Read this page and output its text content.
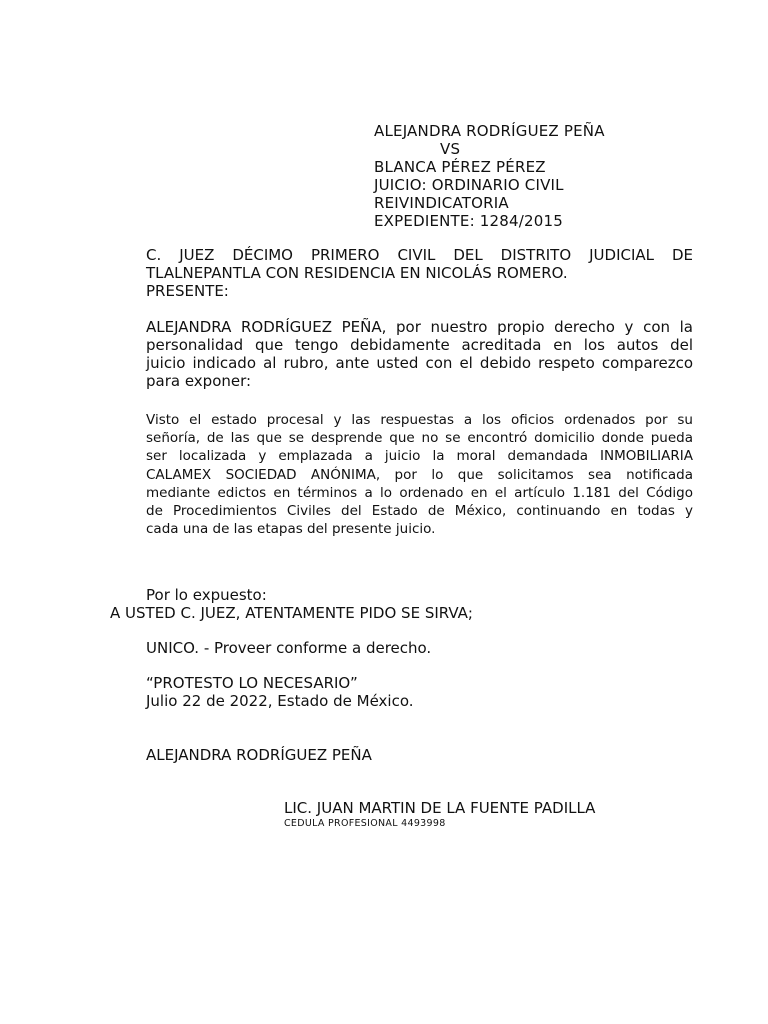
ALEJANDRA RODRÍGUEZ PEÑA
VS
BLANCA PÉREZ PÉREZ
JUICIO: ORDINARIO CIVIL
REIVINDICATORIA
EXPEDIENTE: 1284/2015
C. JUEZ DÉCIMO PRIMERO CIVIL DEL DISTRITO JUDICIAL DE
TLALNEPANTLA CON RESIDENCIA EN NICOLÁS ROMERO.
PRESENTE:
ALEJANDRA RODRÍGUEZ PEÑA, por nuestro propio derecho y con la
personalidad que tengo debidamente acreditada en los autos del
juicio indicado al rubro, ante usted con el debido respeto comparezco
para exponer:
Visto el estado procesal y las respuestas a los oficios ordenados por su
señoría, de las que se desprende que no se encontró domicilio donde pueda
ser localizada y emplazada a juicio la moral demandada INMOBILIARIA
CALAMEX SOCIEDAD ANÓNIMA, por lo que solicitamos sea notificada
mediante edictos en términos a lo ordenado en el artículo 1.181 del Código
de Procedimientos Civiles del Estado de México, continuando en todas y
cada una de las etapas del presente juicio.
Por lo expuesto:
A USTED C. JUEZ, ATENTAMENTE PIDO SE SIRVA;
UNICO. - Proveer conforme a derecho.
“PROTESTO LO NECESARIO”
Julio 22 de 2022, Estado de México.
ALEJANDRA RODRÍGUEZ PEÑA
LIC. JUAN MARTIN DE LA FUENTE PADILLA
CEDULA PROFESIONAL 4493998
